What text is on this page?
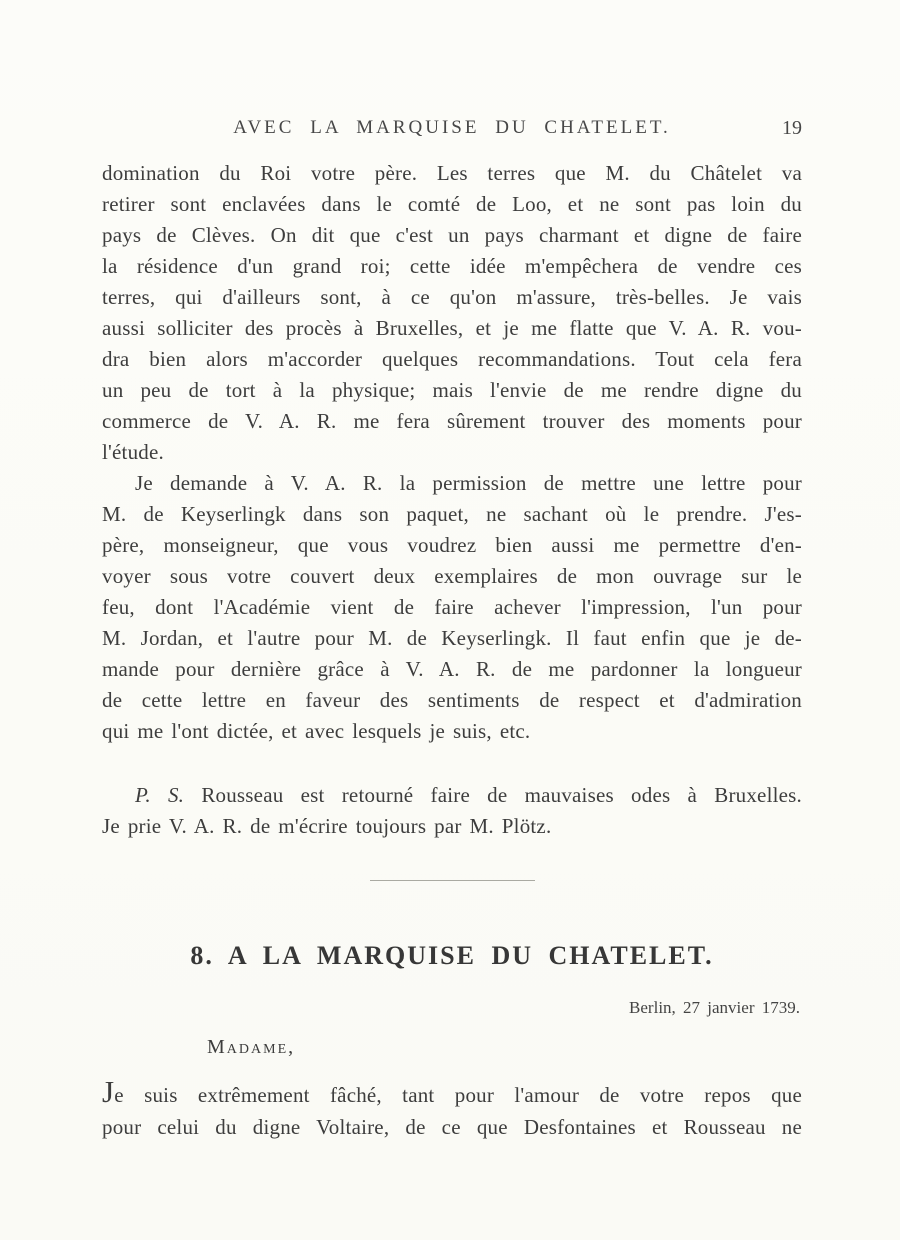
AVEC LA MARQUISE DU CHATELET.	19

domination du Roi votre père. Les terres que M. du Châtelet va

retirer sont enclavées dans le comté de Loo, et ne sont pas loin du

pays de Clèves. On dit que c'est un pays charmant et digne de faire

la résidence d'un grand roi; cette idée m'empêchera de vendre ces

terres, qui d'ailleurs sont, à ce qu'on m'assure, très-belles. Je vais

aussi solliciter des procès à Bruxelles, et je me flatte que V. A. R. vou-

dra bien alors m'accorder quelques recommandations. Tout cela fera

un peu de tort à la physique; mais l'envie de me rendre digne du

commerce de V. A. R. me fera sûrement trouver des moments pour

l'étude.

Je demande à V. A. R. la permission de mettre une lettre pour

M. de Keyserlingk dans son paquet, ne sachant où le prendre. J'es-

père, monseigneur, que vous voudrez bien aussi me permettre d'en-

voyer sous votre couvert deux exemplaires de mon ouvrage sur le

feu, dont l'Académie vient de faire achever l'impression, l'un pour

M. Jordan, et l'autre pour M. de Keyserlingk. Il faut enfin que je de-

mande pour dernière grâce à V. A. R. de me pardonner la longueur

de cette lettre en faveur des sentiments de respect et d'admiration

qui me l'ont dictée, et avec lesquels je suis, etc.

P. S. Rousseau est retourné faire de mauvaises odes à Bruxelles.

Je prie V. A. R. de m'écrire toujours par M. Plötz.

8. A LA MARQUISE DU CHATELET.

Berlin, 27 janvier 1739.

Madame,

Je suis extrêmement fâché, tant pour l'amour de votre repos que

pour celui du digne Voltaire, de ce que Desfontaines et Rousseau ne
